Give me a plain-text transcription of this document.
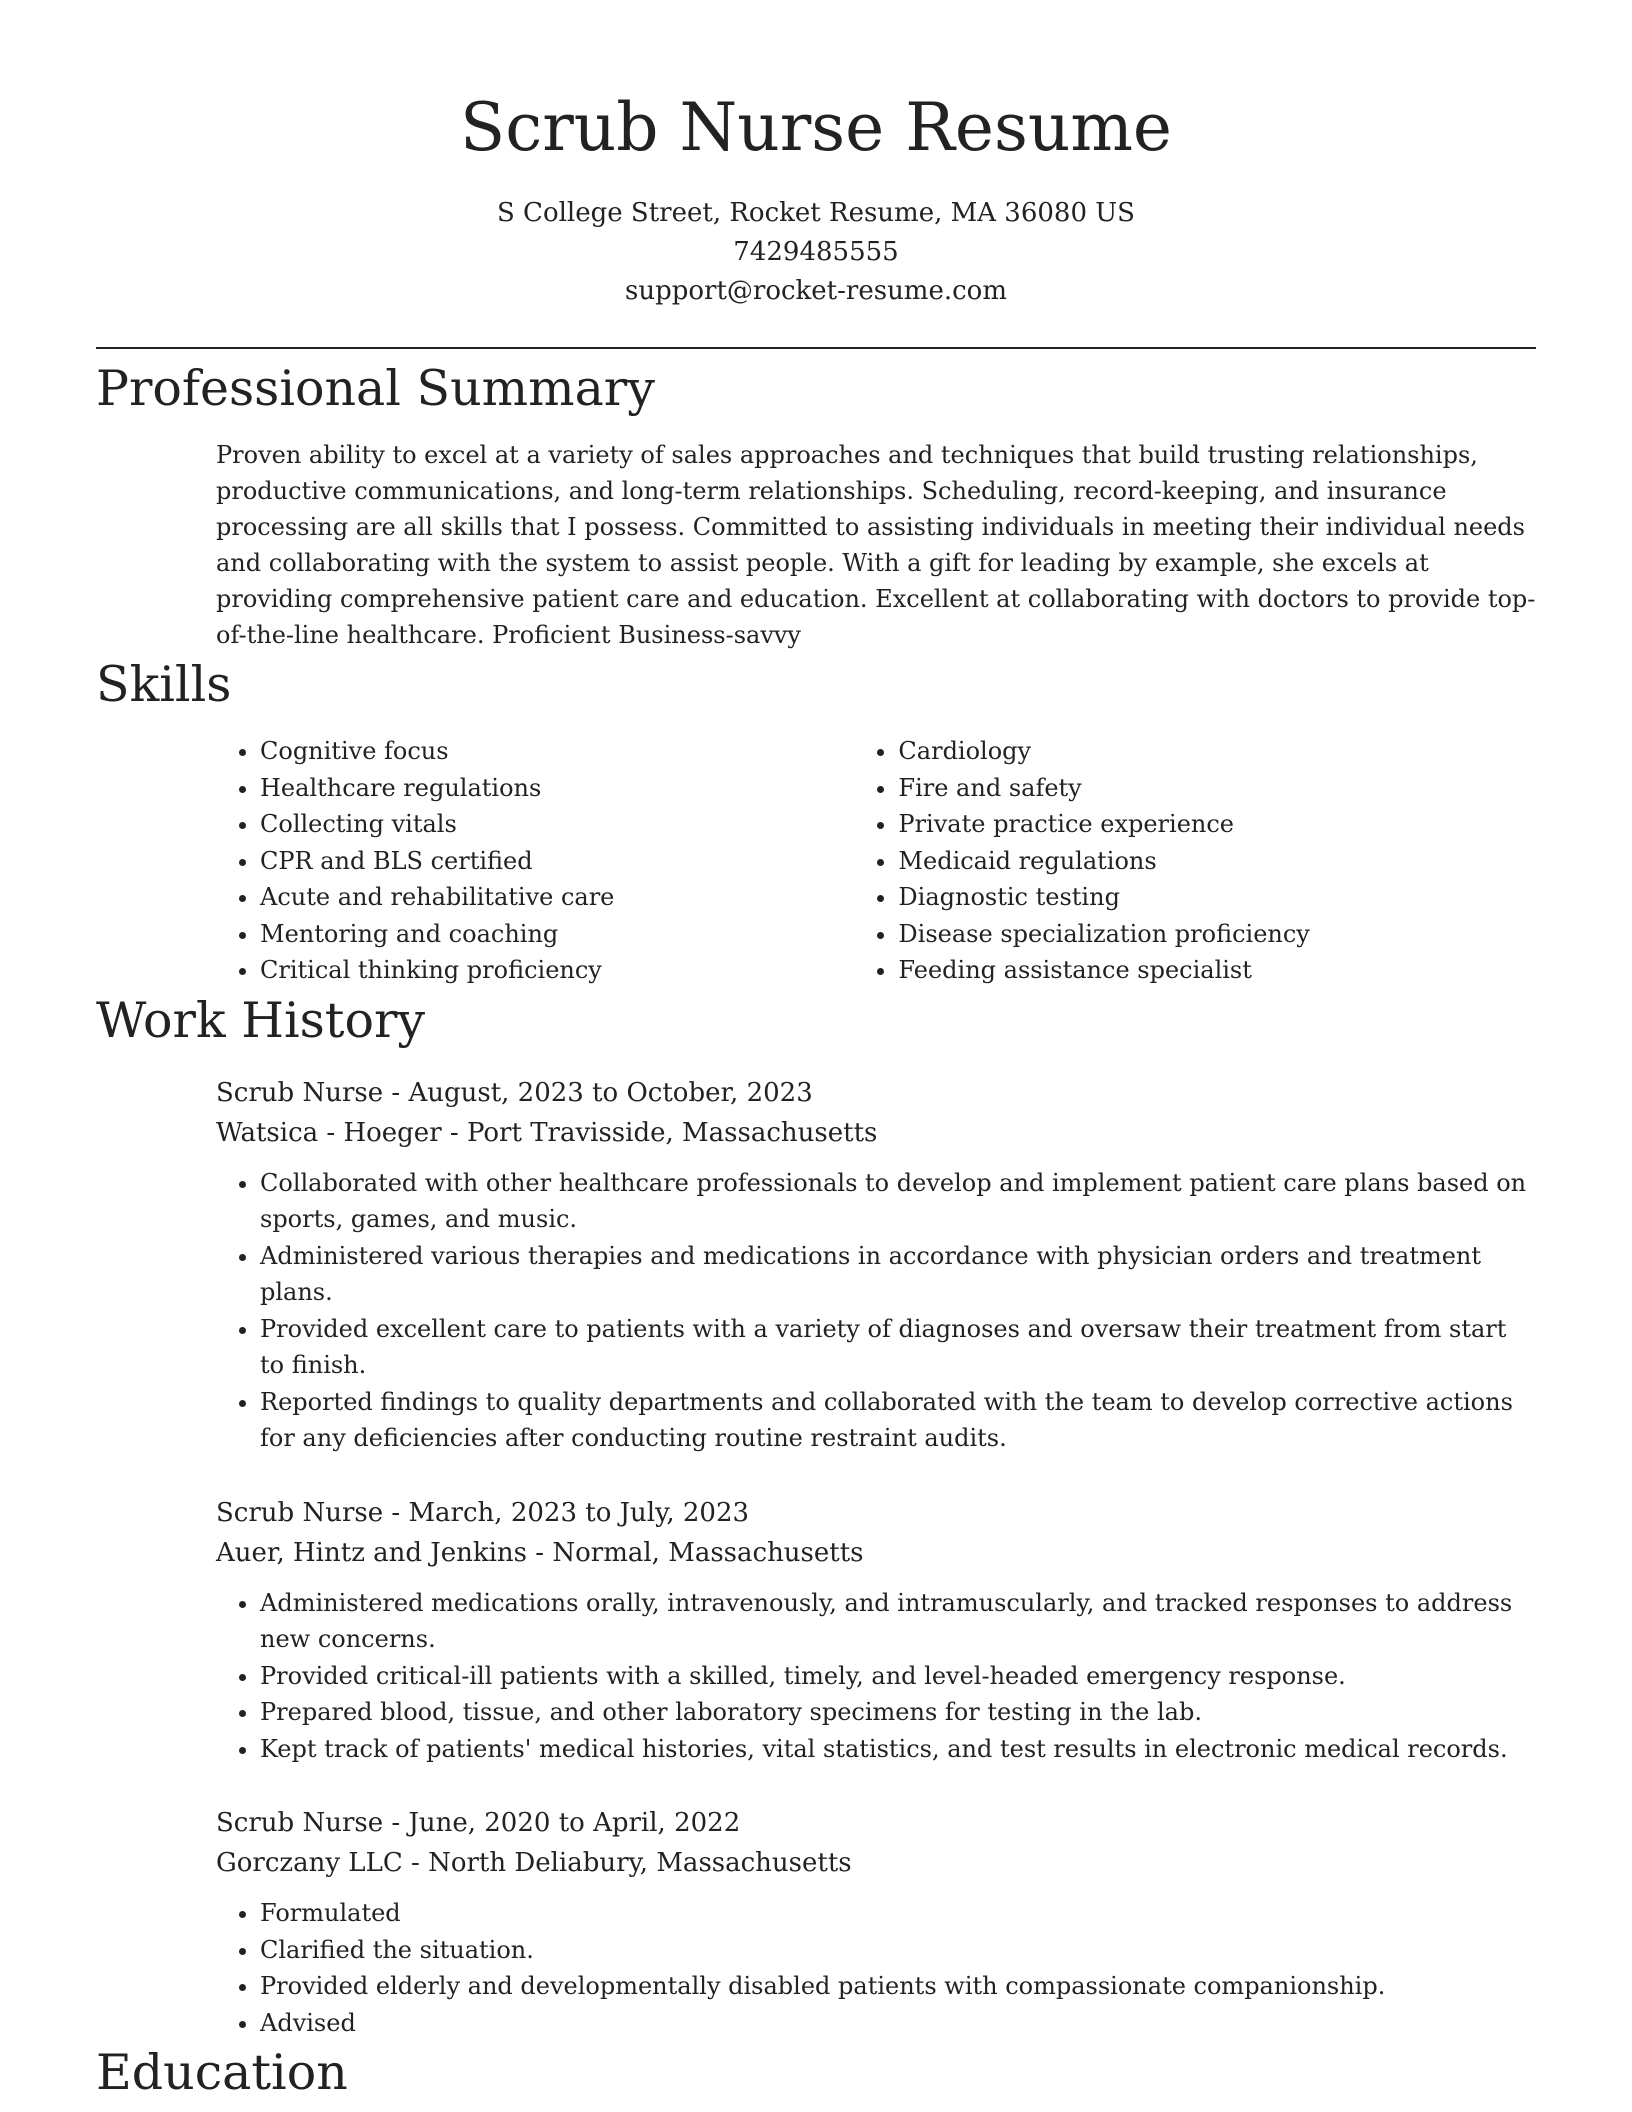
Scrub Nurse Resume
S College Street, Rocket Resume, MA 36080 US
7429485555
support@rocket-resume.com
Professional Summary

Proven ability to excel at a variety of sales approaches and techniques that build trusting relationships, productive communications, and long-term relationships. Scheduling, record-keeping, and insurance processing are all skills that I possess. Committed to assisting individuals in meeting their individual needs and collaborating with the system to assist people. With a gift for leading by example, she excels at providing comprehensive patient care and education. Excellent at collaborating with doctors to provide top-of-the-line healthcare. Proficient Business-savvy

Skills
• Cognitive focus
• Healthcare regulations
• Collecting vitals
• CPR and BLS certified
• Acute and rehabilitative care
• Mentoring and coaching
• Critical thinking proficiency
• Cardiology
• Fire and safety
• Private practice experience
• Medicaid regulations
• Diagnostic testing
• Disease specialization proficiency
• Feeding assistance specialist
Work History
Scrub Nurse - August, 2023 to October, 2023
Watsica - Hoeger - Port Travisside, Massachusetts
• Collaborated with other healthcare professionals to develop and implement patient care plans based on sports, games, and music.
• Administered various therapies and medications in accordance with physician orders and treatment plans.
• Provided excellent care to patients with a variety of diagnoses and oversaw their treatment from start to finish.
• Reported findings to quality departments and collaborated with the team to develop corrective actions for any deficiencies after conducting routine restraint audits.
Scrub Nurse - March, 2023 to July, 2023
Auer, Hintz and Jenkins - Normal, Massachusetts
• Administered medications orally, intravenously, and intramuscularly, and tracked responses to address new concerns.
• Provided critical-ill patients with a skilled, timely, and level-headed emergency response.
• Prepared blood, tissue, and other laboratory specimens for testing in the lab.
• Kept track of patients' medical histories, vital statistics, and test results in electronic medical records.
Scrub Nurse - June, 2020 to April, 2022
Gorczany LLC - North Deliabury, Massachusetts
• Formulated
• Clarified the situation.
• Provided elderly and developmentally disabled patients with compassionate companionship.
• Advised
Education
